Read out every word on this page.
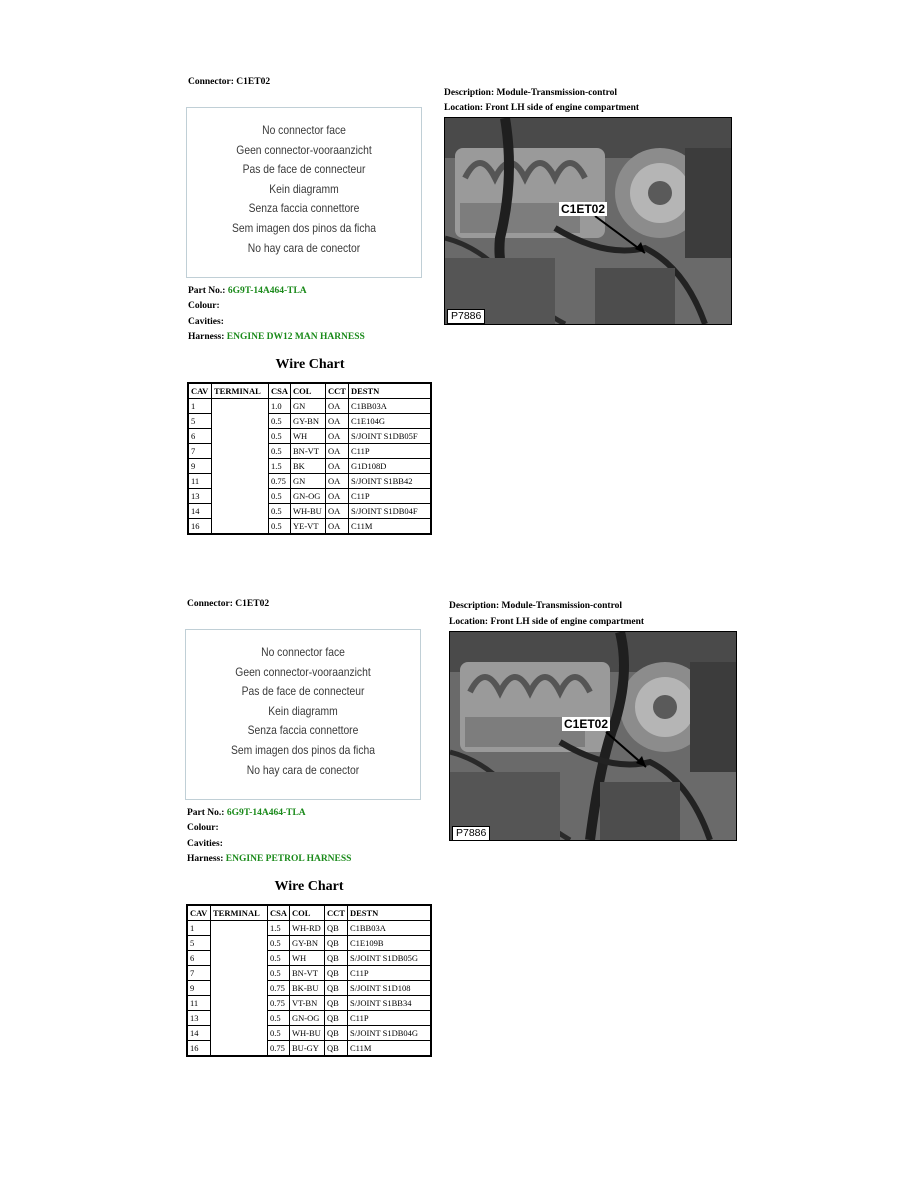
Connector: C1ET02
No connector face
Geen connector-vooraanzicht
Pas de face de connecteur
Kein diagramm
Senza faccia connettore
Sem imagen dos pinos da ficha
No hay cara de conector
Part No.: 6G9T-14A464-TLA
Colour:
Cavities:
Harness: ENGINE DW12 MAN HARNESS
Wire Chart
CAV	TERMINAL	CSA	COL	CCT	DESTN
1		1.0	GN	OA	C1BB03A
5		0.5	GY-BN	OA	C1E104G
6		0.5	WH	OA	S/JOINT S1DB05F
7		0.5	BN-VT	OA	C11P
9		1.5	BK	OA	G1D108D
11		0.75	GN	OA	S/JOINT S1BB42
13		0.5	GN-OG	OA	C11P
14		0.5	WH-BU	OA	S/JOINT S1DB04F
16		0.5	YE-VT	OA	C11M
Description: Module-Transmission-control
Location: Front LH side of engine compartment
C1ET02
P7886
Connector: C1ET02
No connector face
Geen connector-vooraanzicht
Pas de face de connecteur
Kein diagramm
Senza faccia connettore
Sem imagen dos pinos da ficha
No hay cara de conector
Part No.: 6G9T-14A464-TLA
Colour:
Cavities:
Harness: ENGINE PETROL HARNESS
Wire Chart
CAV	TERMINAL	CSA	COL	CCT	DESTN
1		1.5	WH-RD	QB	C1BB03A
5		0.5	GY-BN	QB	C1E109B
6		0.5	WH	QB	S/JOINT S1DB05G
7		0.5	BN-VT	QB	C11P
9		0.75	BK-BU	QB	S/JOINT S1D108
11		0.75	VT-BN	QB	S/JOINT S1BB34
13		0.5	GN-OG	QB	C11P
14		0.5	WH-BU	QB	S/JOINT S1DB04G
16		0.75	BU-GY	QB	C11M
Description: Module-Transmission-control
Location: Front LH side of engine compartment
C1ET02
P7886
